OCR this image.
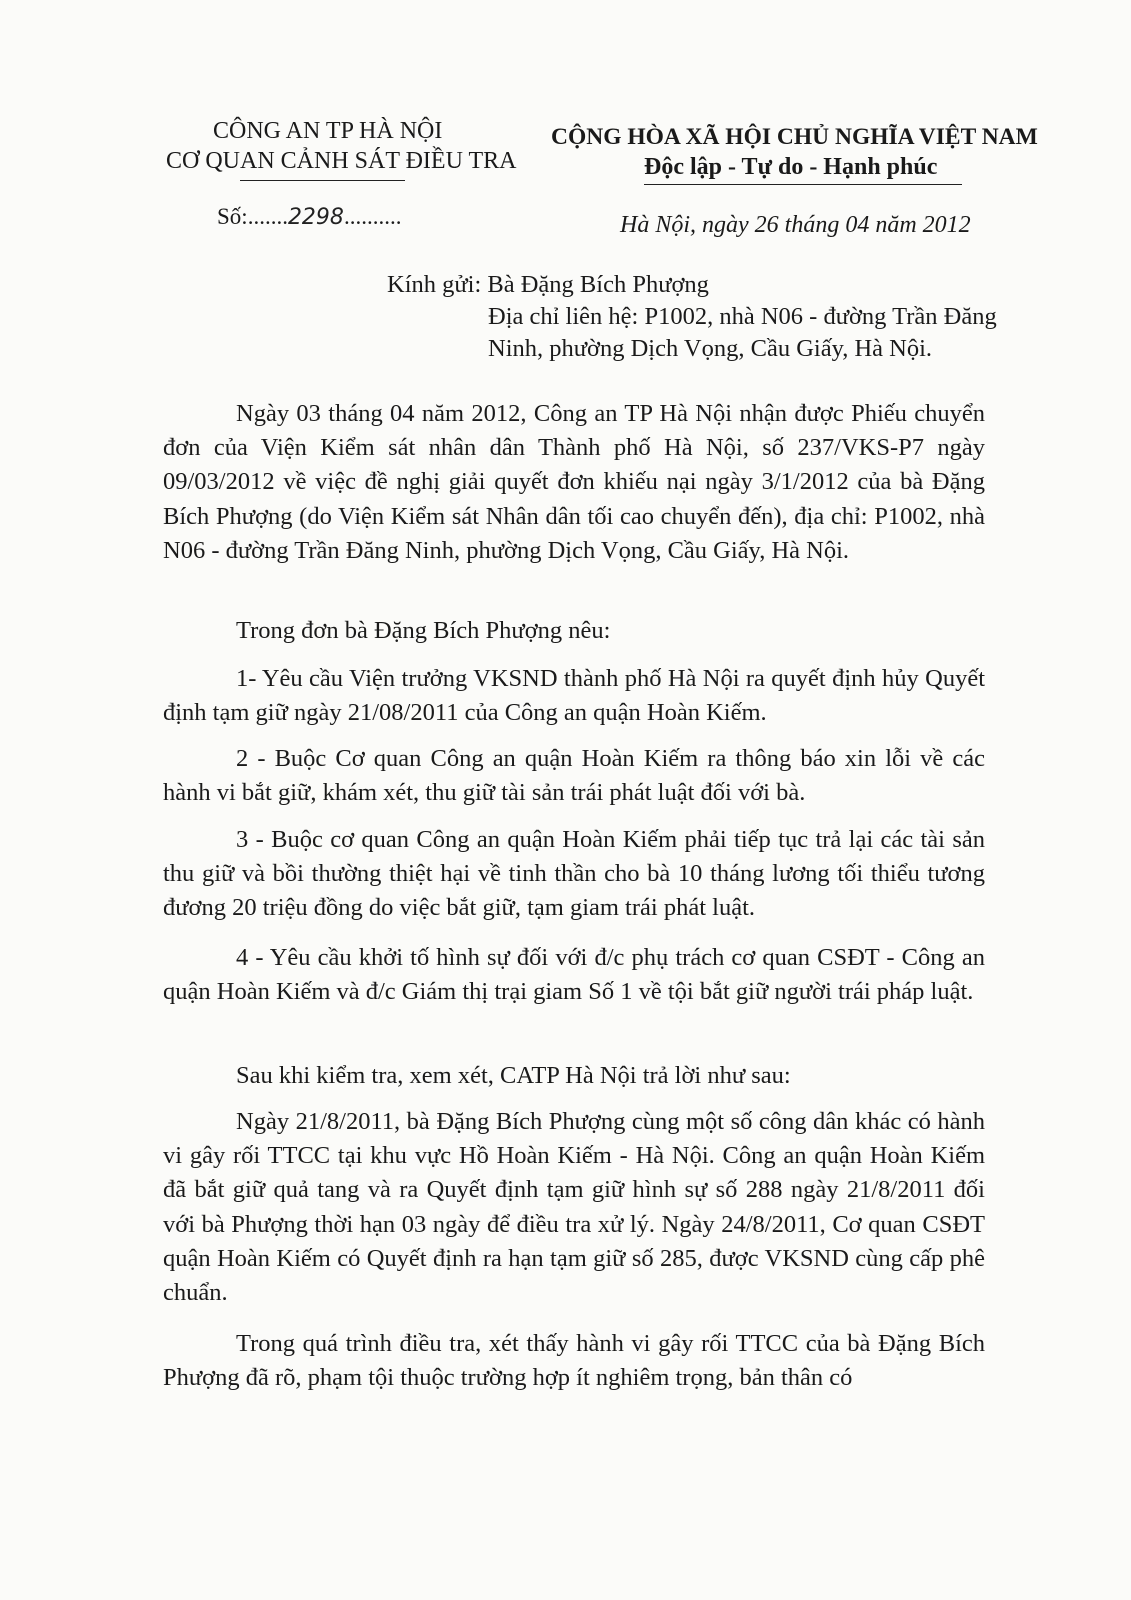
CÔNG AN TP HÀ NỘI
CƠ QUAN CẢNH SÁT ĐIỀU TRA
CỘNG HÒA XÃ HỘI CHỦ NGHĨA VIỆT NAM
Độc lập - Tự do - Hạnh phúc
Số:.......2298..........	Hà Nội, ngày 26 tháng 04 năm 2012
Kính gửi: Bà Đặng Bích Phượng
Địa chỉ liên hệ: P1002, nhà N06 - đường Trần Đăng
Ninh, phường Dịch Vọng, Cầu Giấy, Hà Nội.
Ngày 03 tháng 04 năm 2012, Công an TP Hà Nội nhận được Phiếu chuyển đơn của Viện Kiểm sát nhân dân Thành phố Hà Nội, số 237/VKS-P7 ngày 09/03/2012 về việc đề nghị giải quyết đơn khiếu nại ngày 3/1/2012 của bà Đặng Bích Phượng (do Viện Kiểm sát Nhân dân tối cao chuyển đến), địa chỉ: P1002, nhà N06 - đường Trần Đăng Ninh, phường Dịch Vọng, Cầu Giấy, Hà Nội.
Trong đơn bà Đặng Bích Phượng nêu:
1- Yêu cầu Viện trưởng VKSND thành phố Hà Nội ra quyết định hủy Quyết định tạm giữ ngày 21/08/2011 của Công an quận Hoàn Kiếm.
2 - Buộc Cơ quan Công an quận Hoàn Kiếm ra thông báo xin lỗi về các hành vi bắt giữ, khám xét, thu giữ tài sản trái phát luật đối với bà.
3 - Buộc cơ quan Công an quận Hoàn Kiếm phải tiếp tục trả lại các tài sản thu giữ và bồi thường thiệt hại về tinh thần cho bà 10 tháng lương tối thiểu tương đương 20 triệu đồng do việc bắt giữ, tạm giam trái phát luật.
4 - Yêu cầu khởi tố hình sự đối với đ/c phụ trách cơ quan CSĐT - Công an quận Hoàn Kiếm và đ/c Giám thị trại giam Số 1 về tội bắt giữ người trái pháp luật.
Sau khi kiểm tra, xem xét, CATP Hà Nội trả lời như sau:
Ngày 21/8/2011, bà Đặng Bích Phượng cùng một số công dân khác có hành vi gây rối TTCC tại khu vực Hồ Hoàn Kiếm - Hà Nội. Công an quận Hoàn Kiếm đã bắt giữ quả tang và ra Quyết định tạm giữ hình sự số 288 ngày 21/8/2011 đối với bà Phượng thời hạn 03 ngày để điều tra xử lý. Ngày 24/8/2011, Cơ quan CSĐT quận Hoàn Kiếm có Quyết định ra hạn tạm giữ số 285, được VKSND cùng cấp phê chuẩn.
Trong quá trình điều tra, xét thấy hành vi gây rối TTCC của bà Đặng Bích Phượng đã rõ, phạm tội thuộc trường hợp ít nghiêm trọng, bản thân có
